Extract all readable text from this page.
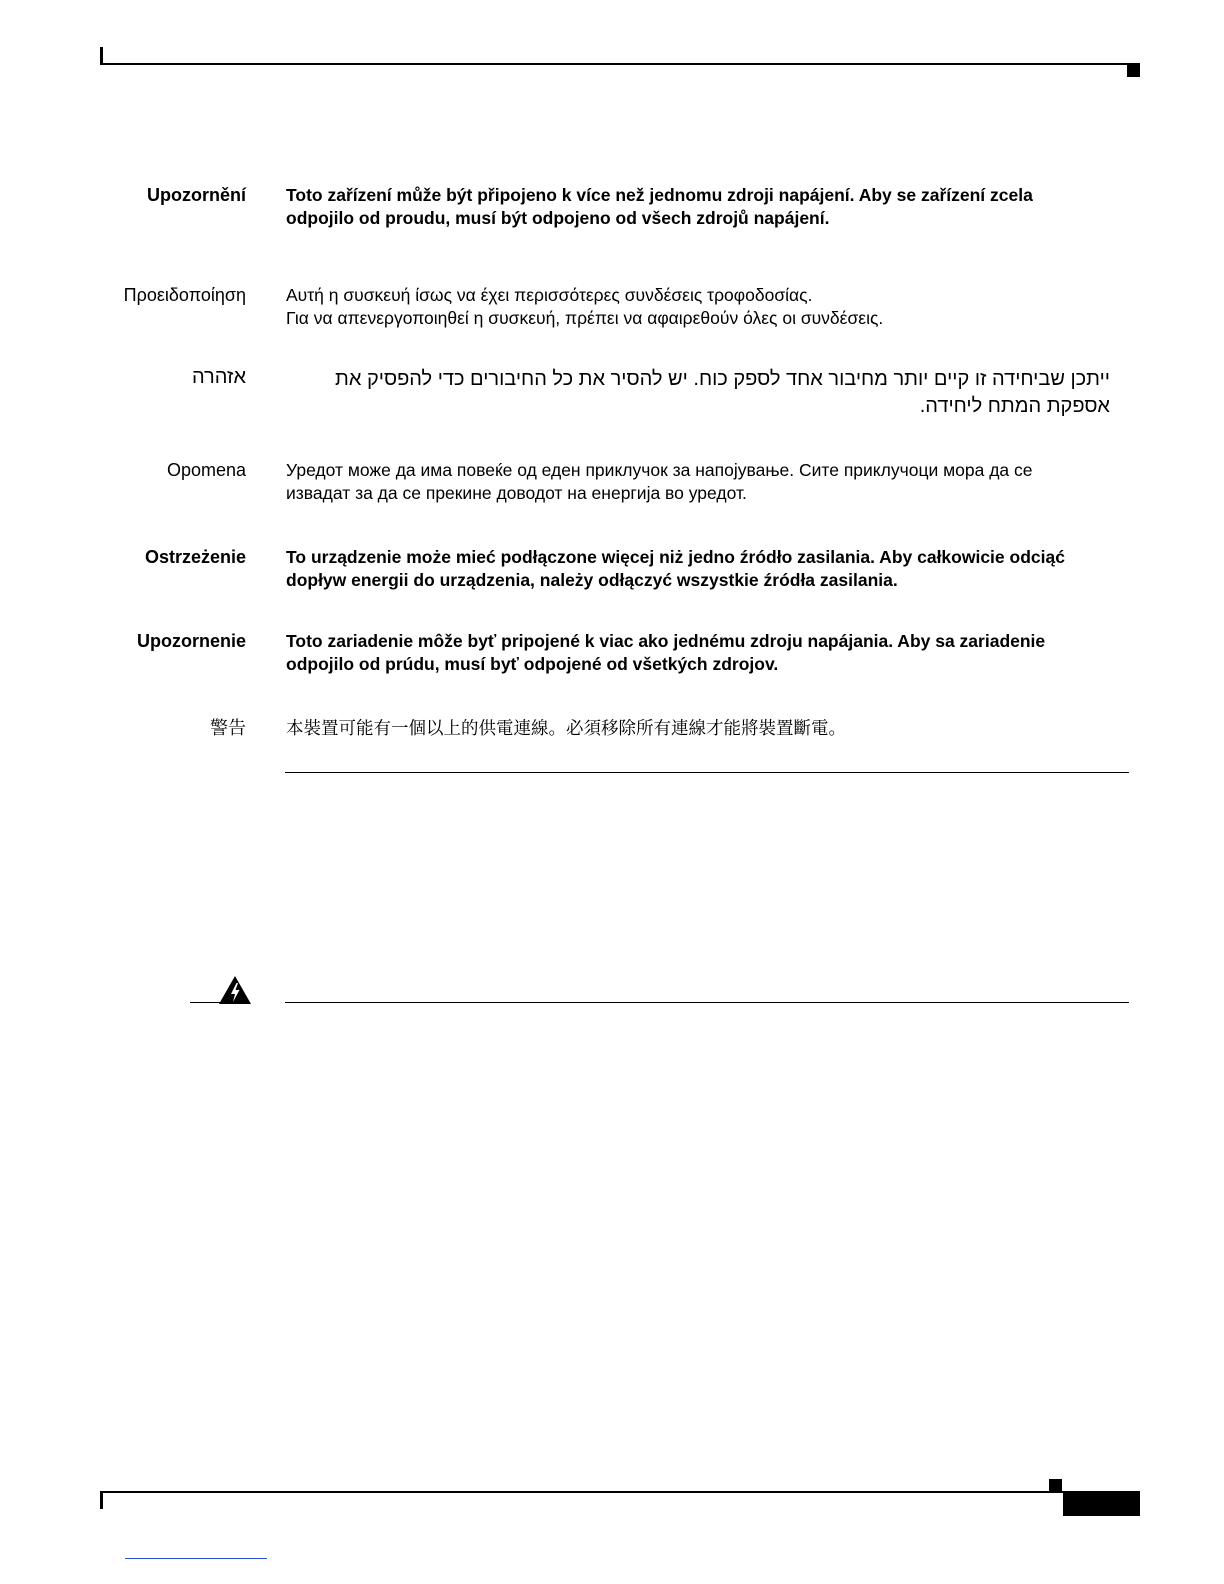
Upozornění Toto zařízení může být připojeno k více než jednomu zdroji napájení. Aby se zařízení zcela
odpojilo od proudu, musí být odpojeno od všech zdrojů napájení.
Προειδοποίηση Αυτή η συσκευή ίσως να έχει περισσότερες συνδέσεις τροφοδοσίας.
Για να απενεργοποιηθεί η συσκευή, πρέπει να αφαιρεθούν όλες οι συνδέσεις.
אזהרה	ייתכן שביחידה זו קיים יותר מחיבור אחד לספק כוח. יש להסיר את כל החיבורים כדי להפסיק את
אספקת המתח ליחידה.
Opomena Уредот може да има повеќе од еден приклучок за напојување. Сите приклучоци мора да се
извадат за да се прекине доводот на енергија во уредот.
Ostrzeżenie To urządzenie może mieć podłączone więcej niż jedno źródło zasilania. Aby całkowicie odciąć
dopływ energii do urządzenia, należy odłączyć wszystkie źródła zasilania.
Upozornenie Toto zariadenie môže byť pripojené k viac ako jednému zdroju napájania. Aby sa zariadenie
odpojilo od prúdu, musí byť odpojené od všetkých zdrojov.
警告 本裝置可能有一個以上的供電連線。必須移除所有連線才能將裝置斷電。
